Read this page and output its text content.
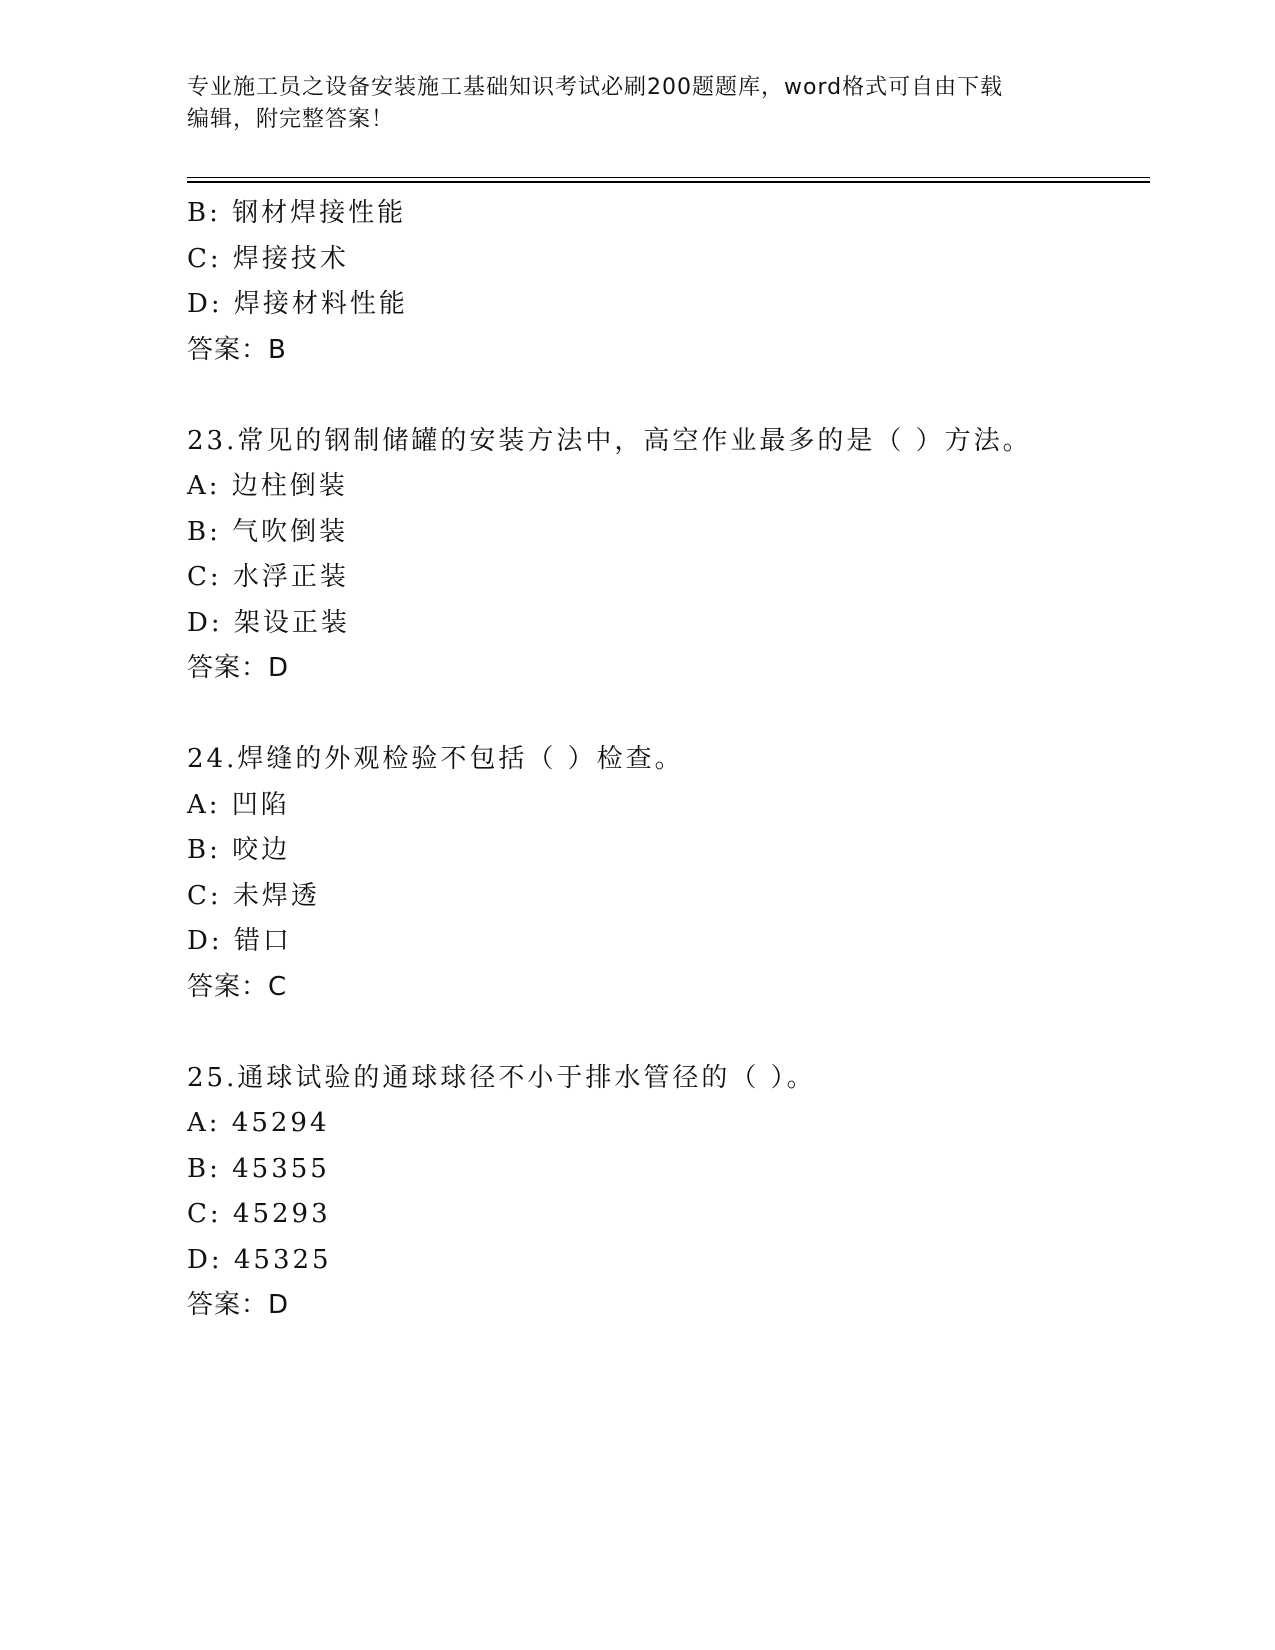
专业施工员之设备安装施工基础知识考试必刷200题题库，word格式可自由下载
编辑，附完整答案！
B: 钢材焊接性能
C: 焊接技术
D: 焊接材料性能
答案：B
23.常见的钢制储罐的安装方法中，高空作业最多的是（ ）方法。
A: 边柱倒装
B: 气吹倒装
C: 水浮正装
D: 架设正装
答案：D
24.焊缝的外观检验不包括（ ）检查。
A: 凹陷
B: 咬边
C: 未焊透
D: 错口
答案：C
25.通球试验的通球球径不小于排水管径的（ ）。
A: 45294
B: 45355
C: 45293
D: 45325
答案：D
